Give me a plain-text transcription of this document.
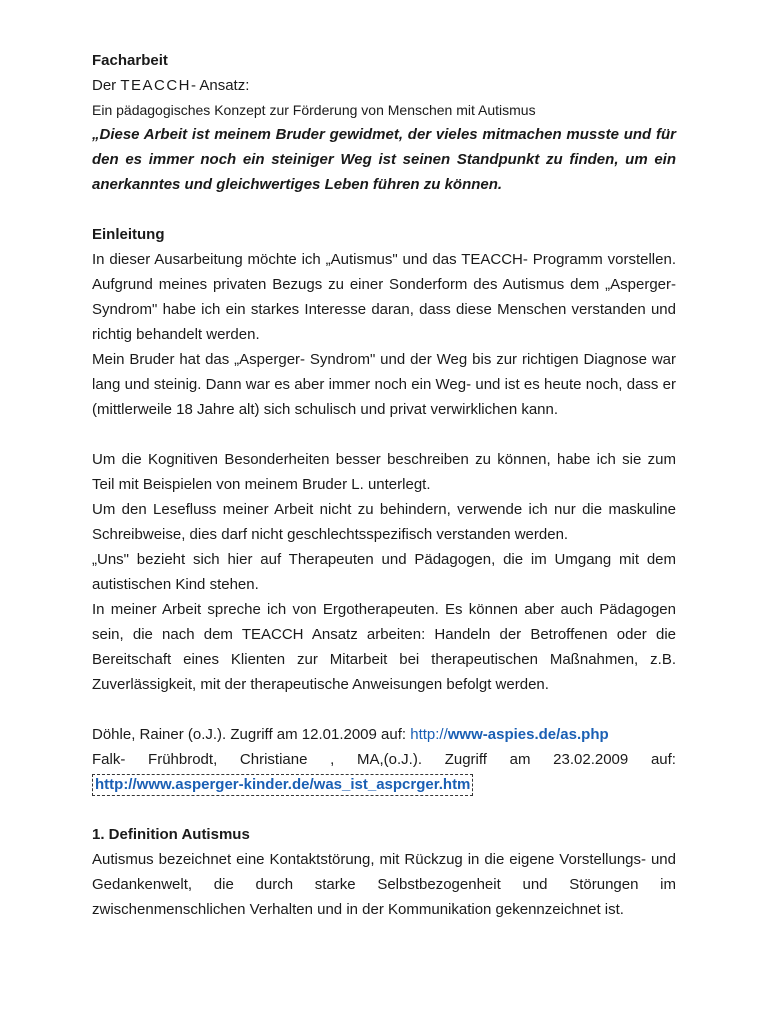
Facharbeit
Der TEACCH- Ansatz:
Ein pädagogisches Konzept zur Förderung von Menschen mit Autismus
„Diese Arbeit ist meinem Bruder gewidmet, der vieles mitmachen musste und für den es immer noch ein steiniger Weg ist seinen Standpunkt zu finden, um ein anerkanntes und gleichwertiges Leben führen zu können.
Einleitung

In dieser Ausarbeitung möchte ich „Autismus" und das TEACCH- Programm vorstellen. Aufgrund meines privaten Bezugs zu einer Sonderform des Autismus dem „Asperger- Syndrom" habe ich ein starkes Interesse daran, dass diese Menschen verstanden und richtig behandelt werden.

Mein Bruder hat das „Asperger- Syndrom" und der Weg bis zur richtigen Diagnose war lang und steinig. Dann war es aber immer noch ein Weg- und ist es heute noch, dass er (mittlerweile 18 Jahre alt) sich schulisch und privat verwirklichen kann.

Um die Kognitiven Besonderheiten besser beschreiben zu können, habe ich sie zum Teil mit Beispielen von meinem Bruder L. unterlegt.

Um den Lesefluss meiner Arbeit nicht zu behindern, verwende ich nur die maskuline Schreibweise, dies darf nicht geschlechtsspezifisch verstanden werden.

„Uns" bezieht sich hier auf Therapeuten und Pädagogen, die im Umgang mit dem autistischen Kind stehen.

In meiner Arbeit spreche ich von Ergotherapeuten. Es können aber auch Pädagogen sein, die nach dem TEACCH Ansatz arbeiten: Handeln der Betroffenen oder die Bereitschaft eines Klienten zur Mitarbeit bei therapeutischen Maßnahmen, z.B. Zuverlässigkeit, mit der therapeutische Anweisungen befolgt werden.

Döhle, Rainer (o.J.). Zugriff am 12.01.2009 auf: http://www-aspies.de/as.php
Falk- Frühbrodt, Christiane , MA,(o.J.). Zugriff am 23.02.2009 auf:
http://www.asperger-kinder.de/was_ist_aspcrger.htm
1. Definition Autismus

Autismus bezeichnet eine Kontaktstörung, mit Rückzug in die eigene Vorstellungs- und Gedankenwelt, die durch starke Selbstbezogenheit und Störungen im zwischenmenschlichen Verhalten und in der Kommunikation gekennzeichnet ist.
